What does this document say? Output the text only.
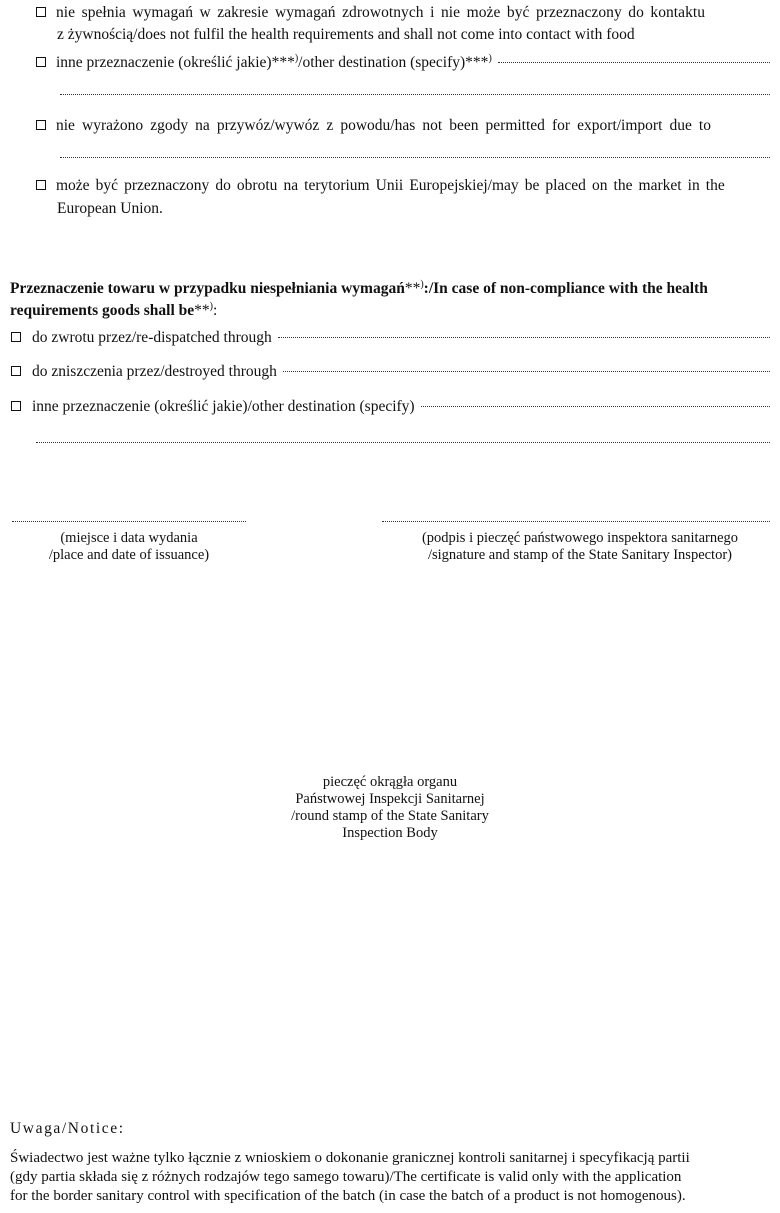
nie spełnia wymagań w zakresie wymagań zdrowotnych i nie może być przeznaczony do kontaktu
z żywnością/does not fulfil the health requirements and shall not come into contact with food
inne przeznaczenie (określić jakie)***)/other destination (specify)***)
nie wyrażono zgody na przywóz/wywóz z powodu/has not been permitted for export/import due to
może być przeznaczony do obrotu na terytorium Unii Europejskiej/may be placed on the market in the
European Union.
Przeznaczenie towaru w przypadku niespełniania wymagań**):/In case of non-compliance with the health
requirements goods shall be**):
do zwrotu przez/re-dispatched through
do zniszczenia przez/destroyed through
inne przeznaczenie (określić jakie)/other destination (specify)
(miejsce i data wydania
/place and date of issuance)
(podpis i pieczęć państwowego inspektora sanitarnego
/signature and stamp of the State Sanitary Inspector)
pieczęć okrągła organu
Państwowej Inspekcji Sanitarnej
/round stamp of the State Sanitary
Inspection Body
Uwaga/Notice:
Świadectwo jest ważne tylko łącznie z wnioskiem o dokonanie granicznej kontroli sanitarnej i specyfikacją partii
(gdy partia składa się z różnych rodzajów tego samego towaru)/The certificate is valid only with the application
for the border sanitary control with specification of the batch (in case the batch of a product is not homogenous).
